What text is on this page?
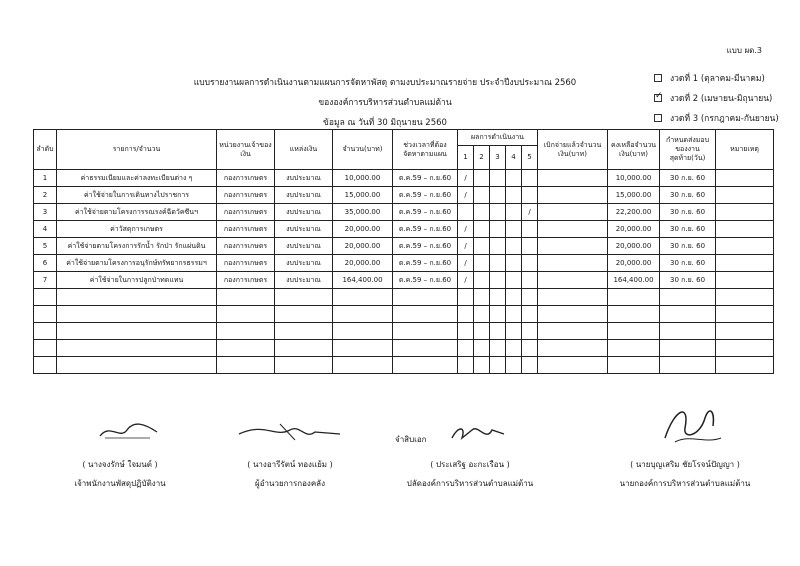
แบบ ผด.3
แบบรายงานผลการดำเนินงานตามแผนการจัดหาพัสดุ ตามงบประมาณรายจ่าย ประจำปีงบประมาณ 2560
ขององค์การบริหารส่วนตำบลแม่ต้าน
ข้อมูล ณ วันที่ 30 มิถุนายน 2560
งวดที่ 1 (ตุลาคม-มีนาคม)
✓
งวดที่ 2 (เมษายน-มิถุนายน)
งวดที่ 3 (กรกฎาคม-กันยายน)
ลำดับ	รายการ/จำนวน	หน่วยงานเจ้าของเงิน	แหล่งเงิน	จำนวน(บาท)	ช่วงเวลาที่ต้องจัดหาตามแผน	ผลการดำเนินงาน					เบิกจ่ายแล้วจำนวนเงิน(บาท)	คงเหลือจำนวนเงิน(บาท)	กำหนดส่งมอบของงานสุดท้าย(วัน)	หมายเหตุ
						1	2	3	4	5				
1	ค่าธรรมเนียมและค่าลงทะเบียนต่าง ๆ	กองการเกษตร	งบประมาณ	10,000.00	ต.ค.59 – ก.ย.60	/						10,000.00	30 ก.ย. 60	
2	ค่าใช้จ่ายในการเดินทางไปราชการ	กองการเกษตร	งบประมาณ	15,000.00	ต.ค.59 – ก.ย.60	/						15,000.00	30 ก.ย. 60	
3	ค่าใช้จ่ายตามโครงการรณรงค์ฉีดวัคซีนฯ	กองการเกษตร	งบประมาณ	35,000.00	ต.ค.59 – ก.ย.60					/		22,200.00	30 ก.ย. 60	
4	ค่าวัสดุการเกษตร	กองการเกษตร	งบประมาณ	20,000.00	ต.ค.59 – ก.ย.60	/						20,000.00	30 ก.ย. 60	
5	ค่าใช้จ่ายตามโครงการรักน้ำ รักป่า รักแผ่นดิน	กองการเกษตร	งบประมาณ	20,000.00	ต.ค.59 – ก.ย.60	/						20,000.00	30 ก.ย. 60	
6	ค่าใช้จ่ายตามโครงการอนุรักษ์ทรัพยากรธรรมฯ	กองการเกษตร	งบประมาณ	20,000.00	ต.ค.59 – ก.ย.60	/						20,000.00	30 ก.ย. 60	
7	ค่าใช้จ่ายในการปลูกป่าทดแทน	กองการเกษตร	งบประมาณ	164,400.00	ต.ค.59 – ก.ย.60	/						164,400.00	30 ก.ย. 60	

จำสิบเอก
( นางจงรักษ์ ใจมนต์ )
เจ้าพนักงานพัสดุปฏิบัติงาน
( นางอารีรัตน์ ทองแย้ม )
ผู้อำนวยการกองคลัง
( ประเสริฐ อะกะเรือน )
ปลัดองค์การบริหารส่วนตำบลแม่ต้าน
( นายบุญเสริม ชัยโรจน์ปัญญา )
นายกองค์การบริหารส่วนตำบลแม่ต้าน
